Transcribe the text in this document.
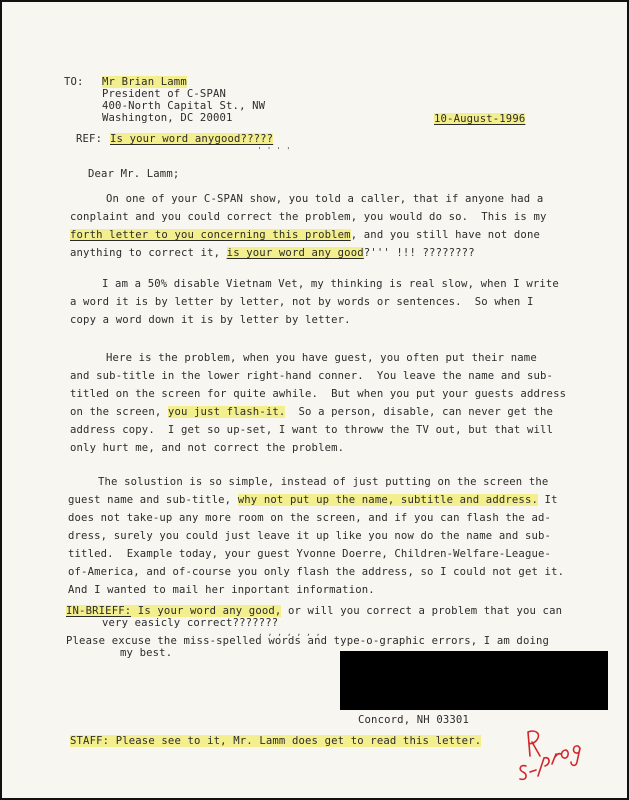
TO: Mr Brian Lamm
President of C-SPAN
400-North Capital St., NW
Washington, DC 20001	10-August-1996
REF: Is your word anygood?????
' ' ' '
Dear Mr. Lamm;
On one of your C-SPAN show, you told a caller, that if anyone had a
conplaint and you could correct the problem, you would do so.  This is my
forth letter to you concerning this problem, and you still have not done
anything to correct it, is your word any good?''' !!! ????????
I am a 50% disable Vietnam Vet, my thinking is real slow, when I write
a word it is by letter by letter, not by words or sentences.  So when I
copy a word down it is by letter by letter.
Here is the problem, when you have guest, you often put their name
and sub-title in the lower right-hand conner.  You leave the name and sub-
titled on the screen for quite awhile.  But when you put your guests address
on the screen, you just flash-it.  So a person, disable, can never get the
address copy.  I get so up-set, I want to throww the TV out, but that will
only hurt me, and not correct the problem.
The solustion is so simple, instead of just putting on the screen the
guest name and sub-title, why not put up the name, subtitle and address. It
does not take-up any more room on the screen, and if you can flash the ad-
dress, surely you could just leave it up like you now do the name and sub-
titled.  Example today, your guest Yvonne Doerre, Children-Welfare-League-
of-America, and of-course you only flash the address, so I could not get it.
And I wanted to mail her inportant information.
IN-BRIEFF: Is your word any good, or will you correct a problem that you can
very easicly correct???????
, , , , , , ,
Please excuse the miss-spelled words and type-o-graphic errors, I am doing
my best.
Concord, NH 03301
STAFF: Please see to it, Mr. Lamm does get to read this letter.
